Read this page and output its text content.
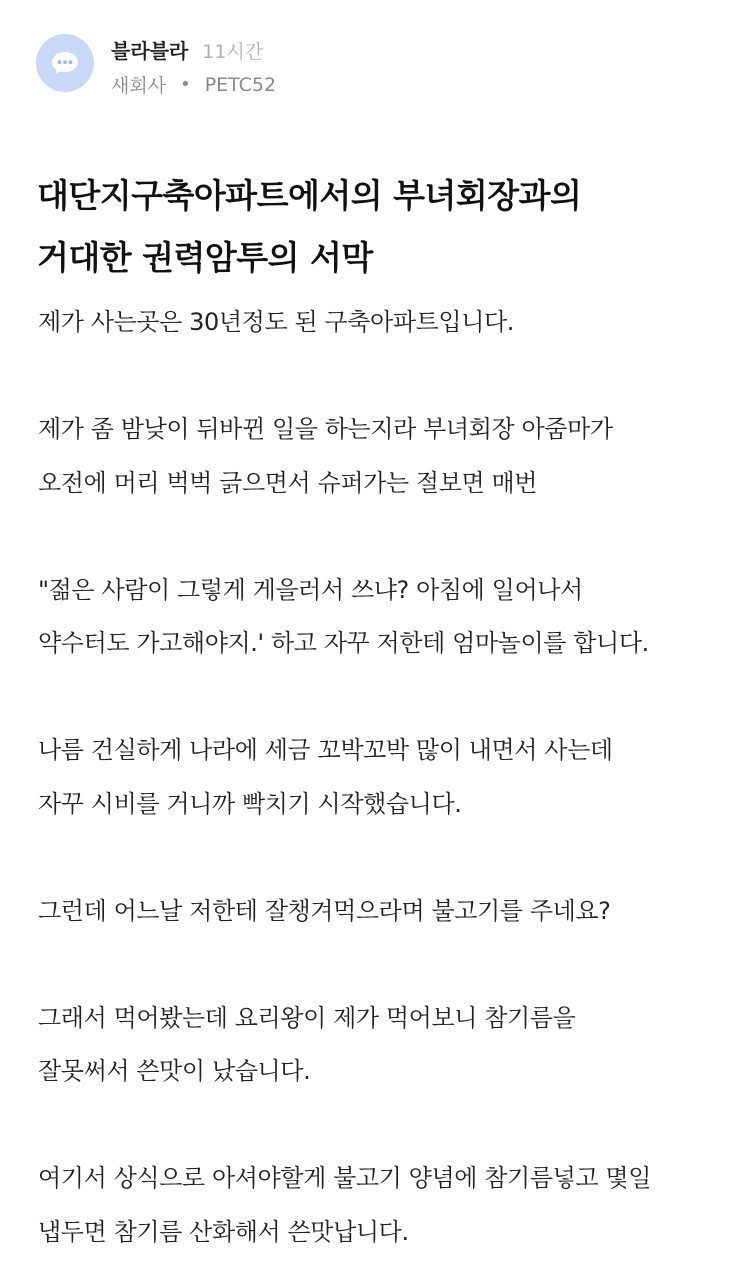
블라블라 11시간
새회사 • PETC52
대단지구축아파트에서의 부녀회장과의
거대한 권력암투의 서막

제가 사는곳은 30년정도 된 구축아파트입니다.

제가 좀 밤낮이 뒤바뀐 일을 하는지라 부녀회장 아줌마가

오전에 머리 벅벅 긁으면서 슈퍼가는 절보면 매번

"젊은 사람이 그렇게 게을러서 쓰냐? 아침에 일어나서

약수터도 가고해야지.' 하고 자꾸 저한테 엄마놀이를 합니다.

나름 건실하게 나라에 세금 꼬박꼬박 많이 내면서 사는데

자꾸 시비를 거니까 빡치기 시작했습니다.

그런데 어느날 저한테 잘챙겨먹으라며 불고기를 주네요?

그래서 먹어봤는데 요리왕이 제가 먹어보니 참기름을

잘못써서 쓴맛이 났습니다.

여기서 상식으로 아셔야할게 불고기 양념에 참기름넣고 몇일

냅두면 참기름 산화해서 쓴맛납니다.
